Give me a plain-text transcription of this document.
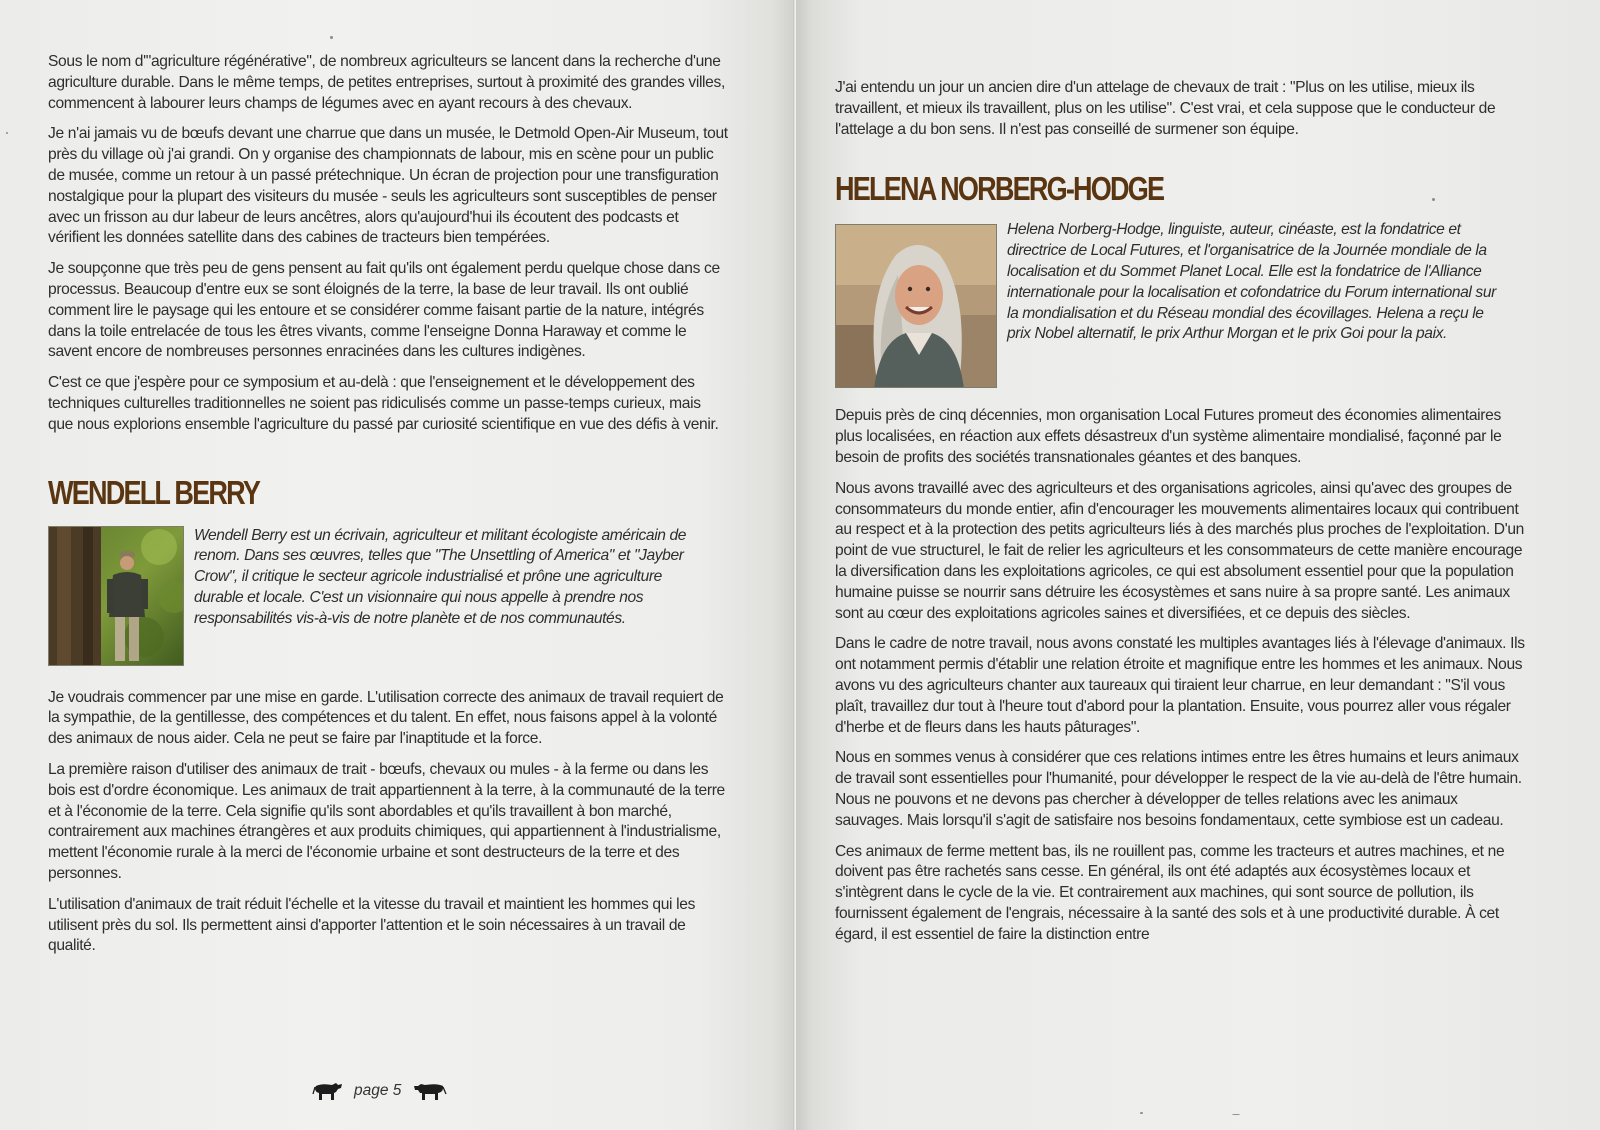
Sous le nom d'"agriculture régénérative", de nombreux agriculteurs se lancent dans la recherche d'une agriculture durable. Dans le même temps, de petites entreprises, surtout à proximité des grandes villes, commencent à labourer leurs champs de légumes avec en ayant recours à des chevaux.

Je n'ai jamais vu de bœufs devant une charrue que dans un musée, le Detmold Open-Air Museum, tout près du village où j'ai grandi. On y organise des championnats de labour, mis en scène pour un public de musée, comme un retour à un passé prétechnique. Un écran de projection pour une transfiguration nostalgique pour la plupart des visiteurs du musée - seuls les agriculteurs sont susceptibles de penser avec un frisson au dur labeur de leurs ancêtres, alors qu'aujourd'hui ils écoutent des podcasts et vérifient les données satellite dans des cabines de tracteurs bien tempérées.

Je soupçonne que très peu de gens pensent au fait qu'ils ont également perdu quelque chose dans ce processus. Beaucoup d'entre eux se sont éloignés de la terre, la base de leur travail. Ils ont oublié comment lire le paysage qui les entoure et se considérer comme faisant partie de la nature, intégrés dans la toile entrelacée de tous les êtres vivants, comme l'enseigne Donna Haraway et comme le savent encore de nombreuses personnes enracinées dans les cultures indigènes.

C'est ce que j'espère pour ce symposium et au-delà : que l'enseignement et le développement des techniques culturelles traditionnelles ne soient pas ridiculisés comme un passe-temps curieux, mais que nous explorions ensemble l'agriculture du passé par curiosité scientifique en vue des défis à venir.

WENDELL BERRY
Wendell Berry est un écrivain, agriculteur et militant écologiste américain de renom. Dans ses œuvres, telles que "The Unsettling of America" et "Jayber Crow", il critique le secteur agricole industrialisé et prône une agriculture durable et locale. C'est un visionnaire qui nous appelle à prendre nos responsabilités vis-à-vis de notre planète et de nos communautés.

Je voudrais commencer par une mise en garde. L'utilisation correcte des animaux de travail requiert de la sympathie, de la gentillesse, des compétences et du talent. En effet, nous faisons appel à la volonté des animaux de nous aider. Cela ne peut se faire par l'inaptitude et la force.

La première raison d'utiliser des animaux de trait - bœufs, chevaux ou mules - à la ferme ou dans les bois est d'ordre économique. Les animaux de trait appartiennent à la terre, à la communauté de la terre et à l'économie de la terre. Cela signifie qu'ils sont abordables et qu'ils travaillent à bon marché, contrairement aux machines étrangères et aux produits chimiques, qui appartiennent à l'industrialisme, mettent l'économie rurale à la merci de l'économie urbaine et sont destructeurs de la terre et des personnes.

L'utilisation d'animaux de trait réduit l'échelle et la vitesse du travail et maintient les hommes qui les utilisent près du sol. Ils permettent ainsi d'apporter l'attention et le soin nécessaires à un travail de qualité.

page 5

J'ai entendu un jour un ancien dire d'un attelage de chevaux de trait : "Plus on les utilise, mieux ils travaillent, et mieux ils travaillent, plus on les utilise". C'est vrai, et cela suppose que le conducteur de l'attelage a du bon sens. Il n'est pas conseillé de surmener son équipe.

HELENA NORBERG-HODGE
Helena Norberg-Hodge, linguiste, auteur, cinéaste, est la fondatrice et directrice de Local Futures, et l'organisatrice de la Journée mondiale de la localisation et du Sommet Planet Local. Elle est la fondatrice de l'Alliance internationale pour la localisation et cofondatrice du Forum international sur la mondialisation et du Réseau mondial des écovillages. Helena a reçu le prix Nobel alternatif, le prix Arthur Morgan et le prix Goi pour la paix.

Depuis près de cinq décennies, mon organisation Local Futures promeut des économies alimentaires plus localisées, en réaction aux effets désastreux d'un système alimentaire mondialisé, façonné par le besoin de profits des sociétés transnationales géantes et des banques.

Nous avons travaillé avec des agriculteurs et des organisations agricoles, ainsi qu'avec des groupes de consommateurs du monde entier, afin d'encourager les mouvements alimentaires locaux qui contribuent au respect et à la protection des petits agriculteurs liés à des marchés plus proches de l'exploitation. D'un point de vue structurel, le fait de relier les agriculteurs et les consommateurs de cette manière encourage la diversification dans les exploitations agricoles, ce qui est absolument essentiel pour que la population humaine puisse se nourrir sans détruire les écosystèmes et sans nuire à sa propre santé. Les animaux sont au cœur des exploitations agricoles saines et diversifiées, et ce depuis des siècles.

Dans le cadre de notre travail, nous avons constaté les multiples avantages liés à l'élevage d'animaux. Ils ont notamment permis d'établir une relation étroite et magnifique entre les hommes et les animaux. Nous avons vu des agriculteurs chanter aux taureaux qui tiraient leur charrue, en leur demandant : "S'il vous plaît, travaillez dur tout à l'heure tout d'abord pour la plantation. Ensuite, vous pourrez aller vous régaler d'herbe et de fleurs dans les hauts pâturages".

Nous en sommes venus à considérer que ces relations intimes entre les êtres humains et leurs animaux de travail sont essentielles pour l'humanité, pour développer le respect de la vie au-delà de l'être humain. Nous ne pouvons et ne devons pas chercher à développer de telles relations avec les animaux sauvages. Mais lorsqu'il s'agit de satisfaire nos besoins fondamentaux, cette symbiose est un cadeau.

Ces animaux de ferme mettent bas, ils ne rouillent pas, comme les tracteurs et autres machines, et ne doivent pas être rachetés sans cesse. En général, ils ont été adaptés aux écosystèmes locaux et s'intègrent dans le cycle de la vie. Et contrairement aux machines, qui sont source de pollution, ils fournissent également de l'engrais, nécessaire à la santé des sols et à une productivité durable. À cet égard, il est essentiel de faire la distinction entre
